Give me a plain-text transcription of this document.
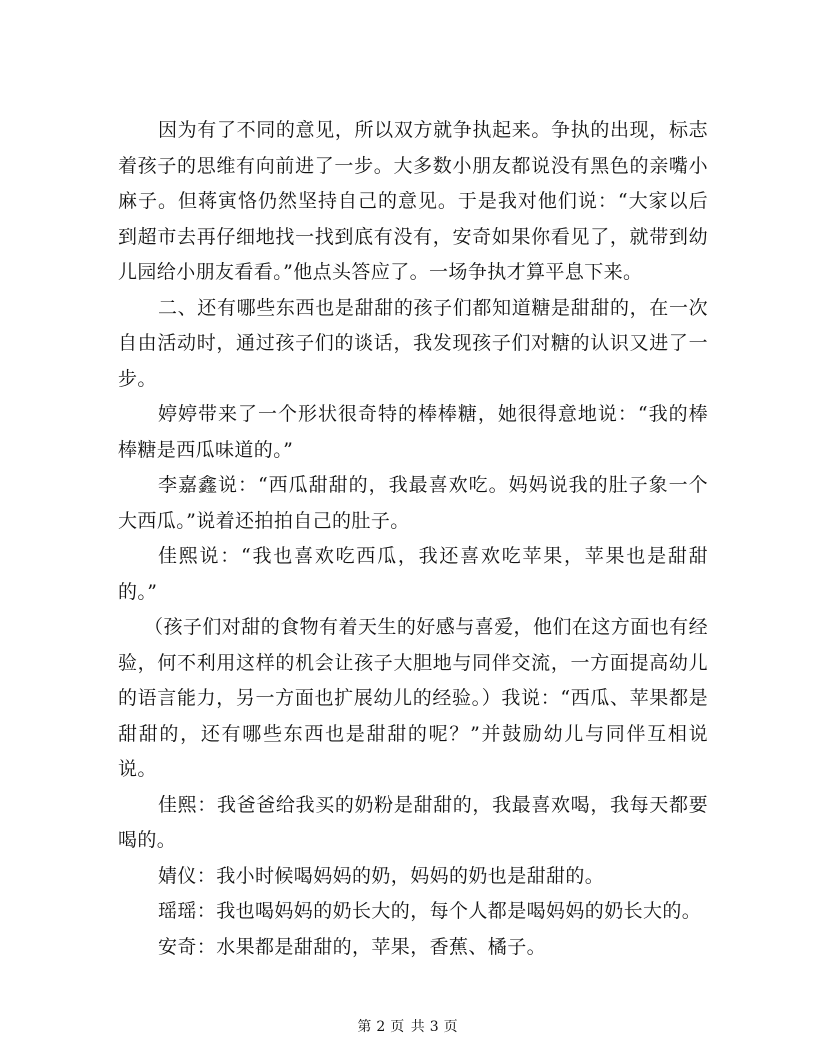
因为有了不同的意见，所以双方就争执起来。争执的出现，标志着孩子的思维有向前进了一步。大多数小朋友都说没有黑色的亲嘴小麻子。但蒋寅恪仍然坚持自己的意见。于是我对他们说：“大家以后到超市去再仔细地找一找到底有没有，安奇如果你看见了，就带到幼儿园给小朋友看看。”他点头答应了。一场争执才算平息下来。

二、还有哪些东西也是甜甜的孩子们都知道糖是甜甜的，在一次自由活动时，通过孩子们的谈话，我发现孩子们对糖的认识又进了一步。

婷婷带来了一个形状很奇特的棒棒糖，她很得意地说：“我的棒棒糖是西瓜味道的。”

李嘉鑫说：“西瓜甜甜的，我最喜欢吃。妈妈说我的肚子象一个大西瓜。”说着还拍拍自己的肚子。

佳熙说：“我也喜欢吃西瓜，我还喜欢吃苹果，苹果也是甜甜的。”

（孩子们对甜的食物有着天生的好感与喜爱，他们在这方面也有经验，何不利用这样的机会让孩子大胆地与同伴交流，一方面提高幼儿的语言能力，另一方面也扩展幼儿的经验。）我说：“西瓜、苹果都是甜甜的，还有哪些东西也是甜甜的呢？”并鼓励幼儿与同伴互相说说。

佳熙：我爸爸给我买的奶粉是甜甜的，我最喜欢喝，我每天都要喝的。

婧仪：我小时候喝妈妈的奶，妈妈的奶也是甜甜的。

瑶瑶：我也喝妈妈的奶长大的，每个人都是喝妈妈的奶长大的。

安奇：水果都是甜甜的，苹果，香蕉、橘子。

第 2 页 共 3 页
